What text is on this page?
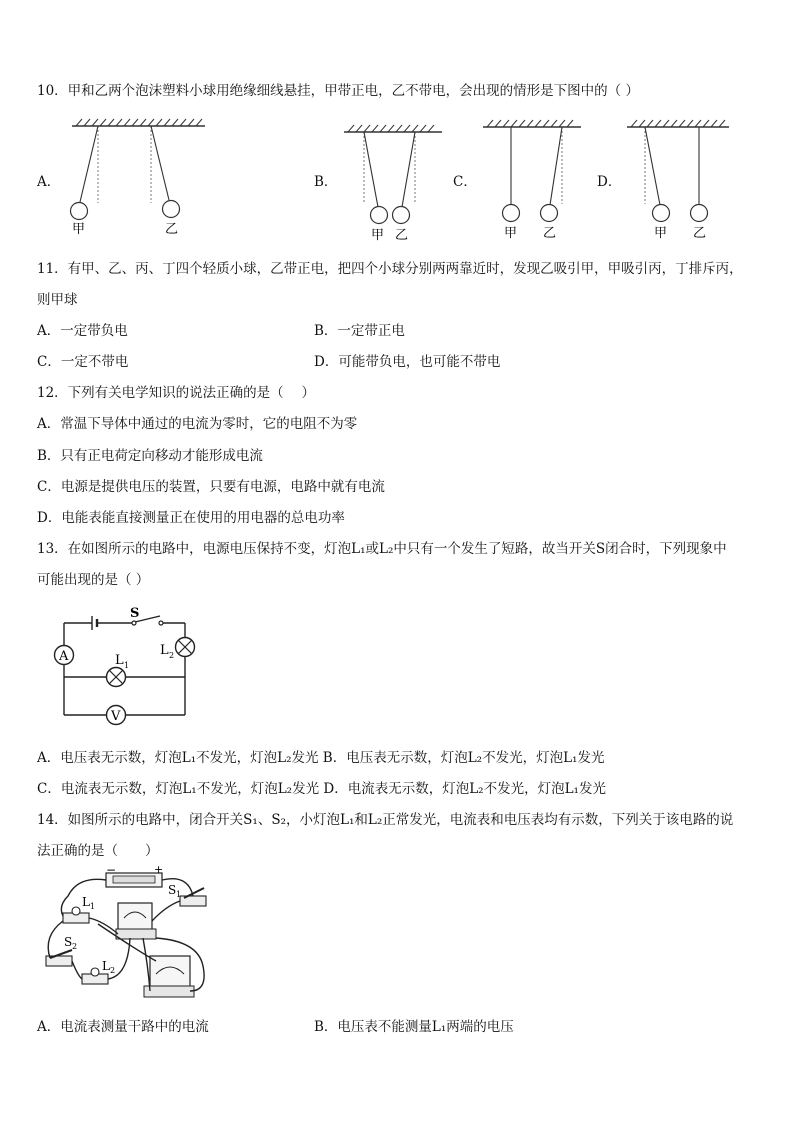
10．甲和乙两个泡沫塑料小球用绝缘细线悬挂，甲带正电，乙不带电，会出现的情形是下图中的（ ）
A．	B．	C．	D．
甲	乙	甲 乙	甲 乙	甲 乙
11．有甲、乙、丙、丁四个轻质小球，乙带正电，把四个小球分别两两靠近时，发现乙吸引甲，甲吸引丙，丁排斥丙，
则甲球
A．一定带负电	B．一定带正电
C．一定不带电	D．可能带负电，也可能不带电
12．下列有关电学知识的说法正确的是（　 ）
A．常温下导体中通过的电流为零时，它的电阻不为零
B．只有正电荷定向移动才能形成电流
C．电源是提供电压的装置，只要有电源，电路中就有电流
D．电能表能直接测量正在使用的用电器的总电功率
13．在如图所示的电路中，电源电压保持不变，灯泡L₁或L₂中只有一个发生了短路，故当开关S闭合时，下列现象中
可能出现的是（ ）
S
A	L 2
L 1
V
A．电压表无示数，灯泡L₁不发光，灯泡L₂发光 B．电压表无示数，灯泡L₂不发光，灯泡L₁发光
C．电流表无示数，灯泡L₁不发光，灯泡L₂发光 D．电流表无示数，灯泡L₂不发光，灯泡L₁发光
14．如图所示的电路中，闭合开关S₁、S₂，小灯泡L₁和L₂正常发光，电流表和电压表均有示数，下列关于该电路的说
法正确的是（　　）
−	+
S 1
L 1
S 2
L 2
A．电流表测量干路中的电流	B．电压表不能测量L₁两端的电压
